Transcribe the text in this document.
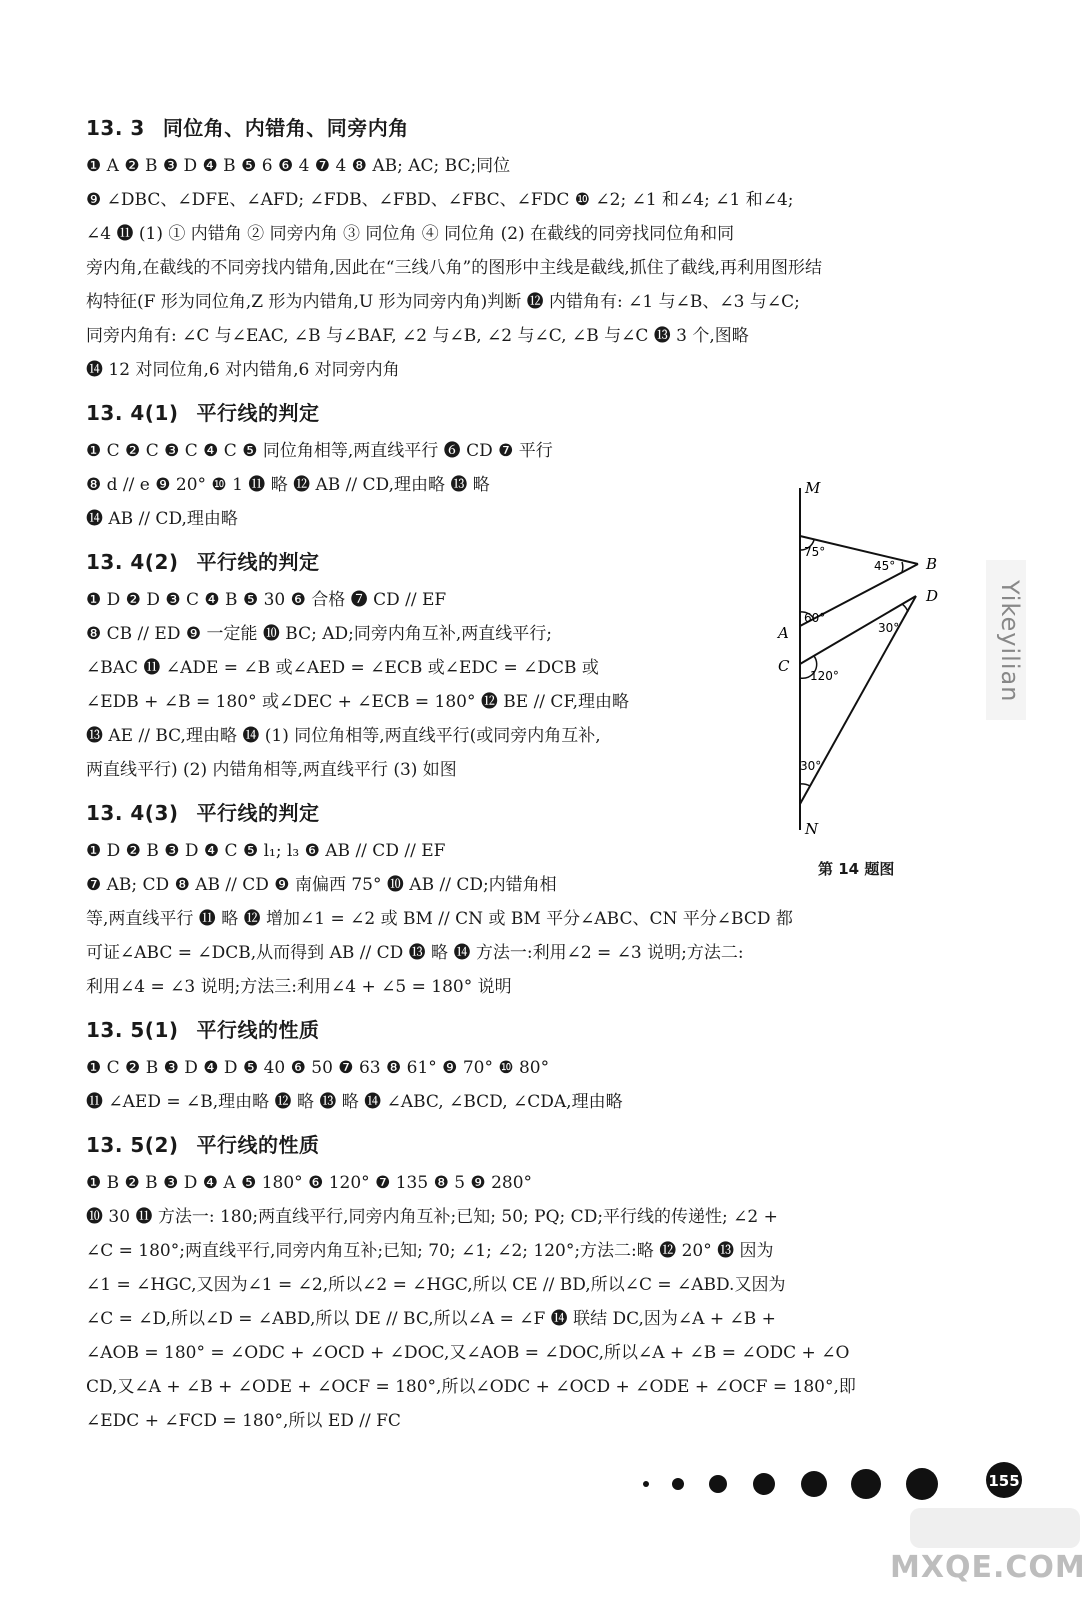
13. 3 同位角、内错角、同旁内角

❶ A ❷ B ❸ D ❹ B ❺ 6 ❻ 4 ❼ 4 ❽ AB; AC; BC;同位

❾ ∠DBC、∠DFE、∠AFD; ∠FDB、∠FBD、∠FBC、∠FDC ❿ ∠2; ∠1 和∠4; ∠1 和∠4;

∠4 ⓫ (1) ① 内错角 ② 同旁内角 ③ 同位角 ④ 同位角 (2) 在截线的同旁找同位角和同

旁内角,在截线的不同旁找内错角,因此在“三线八角”的图形中主线是截线,抓住了截线,再利用图形结

构特征(F 形为同位角,Z 形为内错角,U 形为同旁内角)判断 ⓬ 内错角有: ∠1 与∠B、∠3 与∠C;

同旁内角有: ∠C 与∠EAC, ∠B 与∠BAF, ∠2 与∠B, ∠2 与∠C, ∠B 与∠C ⓭ 3 个,图略

⓮ 12 对同位角,6 对内错角,6 对同旁内角

13. 4(1) 平行线的判定

❶ C ❷ C ❸ C ❹ C ❺ 同位角相等,两直线平行 ❻ CD ❼ 平行

❽ d // e ❾ 20° ❿ 1 ⓫ 略 ⓬ AB // CD,理由略 ⓭ 略

⓮ AB // CD,理由略

13. 4(2) 平行线的判定

❶ D ❷ D ❸ C ❹ B ❺ 30 ❻ 合格 ❼ CD // EF

❽ CB // ED ❾ 一定能 ❿ BC; AD;同旁内角互补,两直线平行;

∠BAC ⓫ ∠ADE = ∠B 或∠AED = ∠ECB 或∠EDC = ∠DCB 或

∠EDB + ∠B = 180° 或∠DEC + ∠ECB = 180° ⓬ BE // CF,理由略

⓭ AE // BC,理由略 ⓮ (1) 同位角相等,两直线平行(或同旁内角互补,

两直线平行) (2) 内错角相等,两直线平行 (3) 如图

13. 4(3) 平行线的判定

❶ D ❷ B ❸ D ❹ C ❺ l₁; l₃ ❻ AB // CD // EF

❼ AB; CD ❽ AB // CD ❾ 南偏西 75° ❿ AB // CD;内错角相

等,两直线平行 ⓫ 略 ⓬ 增加∠1 = ∠2 或 BM // CN 或 BM 平分∠ABC、CN 平分∠BCD 都

可证∠ABC = ∠DCB,从而得到 AB // CD ⓭ 略 ⓮ 方法一:利用∠2 = ∠3 说明;方法二:

利用∠4 = ∠3 说明;方法三:利用∠4 + ∠5 = 180° 说明

13. 5(1) 平行线的性质

❶ C ❷ B ❸ D ❹ D ❺ 40 ❻ 50 ❼ 63 ❽ 61° ❾ 70° ❿ 80°

⓫ ∠AED = ∠B,理由略 ⓬ 略 ⓭ 略 ⓮ ∠ABC, ∠BCD, ∠CDA,理由略

13. 5(2) 平行线的性质

❶ B ❷ B ❸ D ❹ A ❺ 180° ❻ 120° ❼ 135 ❽ 5 ❾ 280°

❿ 30 ⓫ 方法一: 180;两直线平行,同旁内角互补;已知; 50; PQ; CD;平行线的传递性; ∠2 +

∠C = 180°;两直线平行,同旁内角互补;已知; 70; ∠1; ∠2; 120°;方法二:略 ⓬ 20° ⓭ 因为

∠1 = ∠HGC,又因为∠1 = ∠2,所以∠2 = ∠HGC,所以 CE // BD,所以∠C = ∠ABD.又因为

∠C = ∠D,所以∠D = ∠ABD,所以 DE // BC,所以∠A = ∠F ⓮ 联结 DC,因为∠A + ∠B +

∠AOB = 180° = ∠ODC + ∠OCD + ∠DOC,又∠AOB = ∠DOC,所以∠A + ∠B = ∠ODC + ∠O

CD,又∠A + ∠B + ∠ODE + ∠OCF = 180°,所以∠ODC + ∠OCD + ∠ODE + ∠OCF = 180°,即

∠EDC + ∠FCD = 180°,所以 ED // FC

M
B
D
A
C
N
75°
45°
60°
30°
120°
30°
第 14 题图
Yikeyilian
155
MXQE.COM
